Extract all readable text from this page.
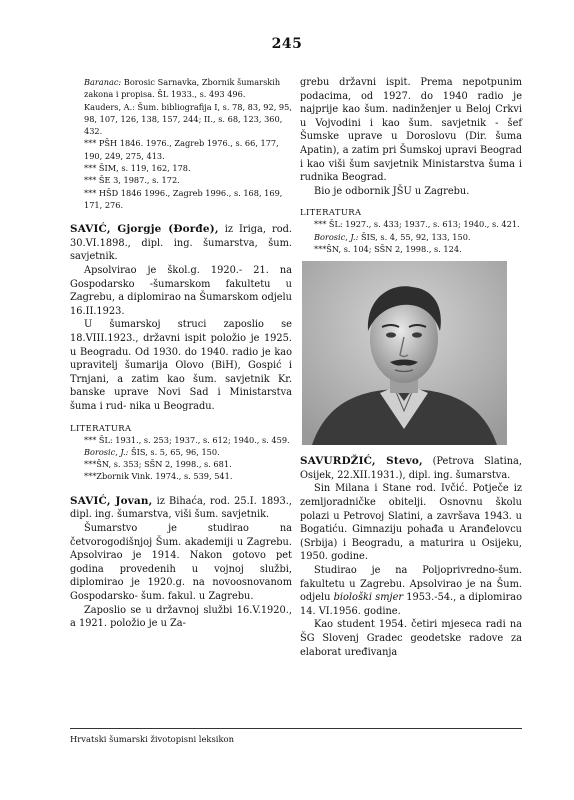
245

Baranac: Borosic Sarnavka, Zbornik šumarskih zakona i propisa. ŠL 1933., s. 493 496.

Kauders, A.: Šum. bibliografija I, s. 78, 83, 92, 95, 98, 107, 126, 138, 157, 244; II., s. 68, 123, 360, 432.

*** PŠH 1846. 1976., Zagreb 1976., s. 66, 177, 190, 249, 275, 413.

*** ŠIM, s. 119, 162, 178.

*** ŠE 3, 1987., s. 172.

*** HŠD 1846 1996., Zagreb 1996., s. 168, 169, 171, 276.

SAVIĆ, Gjorgje (Đorđe), iz Iriga, rod. 30.VI.1898., dipl. ing. šumarstva, šum. savjetnik.

Apsolvirao je škol.g. 1920.- 21. na Gospodarsko -šumarskom fakultetu u Zagrebu, a diplomirao na Šumarskom odjelu 16.II.1923.

U šumarskoj struci zaposlio se 18.VIII.1923., državni ispit položio je 1925. u Beogradu. Od 1930. do 1940. radio je kao upravitelj šumarija Olovo (BiH), Gospić i Trnjani, a zatim kao šum. savjetnik Kr. banske uprave Novi Sad i Ministarstva šuma i rud- nika u Beogradu.

LITERATURA

*** ŠL: 1931., s. 253; 1937., s. 612; 1940., s. 459.

Borosic, J.: ŠIS, s. 5, 65, 96, 150.

***ŠN, s. 353; SŠN 2, 1998., s. 681.

***Zbornik Vink. 1974., s. 539, 541.

SAVIĆ, Jovan, iz Bihaća, rod. 25.I. 1893., dipl. ing. šumarstva, viši šum. savjetnik.

Šumarstvo je studirao na četvorogodišnjoj Šum. akademiji u Zagrebu. Apsolvirao je 1914. Nakon gotovo pet godina provedenih u vojnoj službi, diplomirao je 1920.g. na novoosnovanom Gospodarsko- šum. fakul. u Zagrebu.

Zaposlio se u državnoj službi 16.V.1920., a 1921. položio je u Za-

grebu državni ispit. Prema nepotpunim podacima, od 1927. do 1940 radio je najprije kao šum. nadinženjer u Beloj Crkvi u Vojvodini i kao šum. savjetnik - šef Šumske uprave u Doroslovu (Dir. šuma Apatin), a zatim pri Šumskoj upravi Beograd i kao viši šum savjetnik Ministarstva šuma i rudnika Beograd.

Bio je odbornik JŠU u Zagrebu.

LITERATURA

*** ŠL: 1927., s. 433; 1937., s. 613; 1940., s. 421.

Borosic, J.: ŠIS, s. 4, 55, 92, 133, 150.

***ŠN, s. 104; SŠN 2, 1998., s. 124.

SAVURDŽIĆ, Stevo, (Petrova Slatina, Osijek, 22.XII.1931.), dipl. ing. šumarstva.

Sin Milana i Stane rod. Ivčić. Potječe iz zemljoradničke obitelji. Osnovnu školu polazi u Petrovoj Slatini, a završava 1943. u Bogatiću. Gimnaziju pohađa u Aranđelovcu (Srbija) i Beogradu, a maturira u Osijeku, 1950. godine.

Studirao je na Poljoprivredno-šum. fakultetu u Zagrebu. Apsolvirao je na Šum. odjelu biološki smjer 1953.-54., a diplomirao 14. VI.1956. godine.

Kao student 1954. četiri mjeseca radi na ŠG Slovenj Gradec geodetske radove za elaborat uređivanja

Hrvatski šumarski životopisni leksikon
